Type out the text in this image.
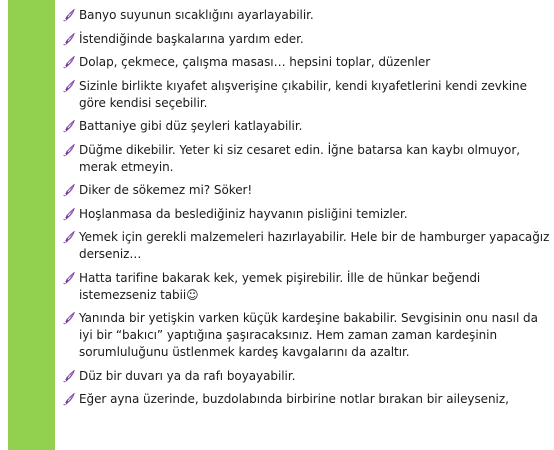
Banyo suyunun sıcaklığını ayarlayabilir.
İstendiğinde başkalarına yardım eder.
Dolap, çekmece, çalışma masası… hepsini toplar, düzenler
Sizinle birlikte kıyafet alışverişine çıkabilir, kendi kıyafetlerini kendi zevkine göre kendisi seçebilir.
Battaniye gibi düz şeyleri katlayabilir.
Düğme dikebilir. Yeter ki siz cesaret edin. İğne batarsa kan kaybı olmuyor, merak etmeyin.
Diker de sökemez mi? Söker!
Hoşlanmasa da beslediğiniz hayvanın pisliğini temizler.
Yemek için gerekli malzemeleri hazırlayabilir. Hele bir de hamburger yapacağız derseniz…
Hatta tarifine bakarak kek, yemek pişirebilir. İlle de hünkar beğendi istemezseniz tabii☺
Yanında bir yetişkin varken küçük kardeşine bakabilir. Sevgisinin onu nasıl da iyi bir “bakıcı” yaptığına şaşıracaksınız. Hem zaman zaman kardeşinin sorumluluğunu üstlenmek kardeş kavgalarını da azaltır.
Düz bir duvarı ya da rafı boyayabilir.
Eğer ayna üzerinde, buzdolabında birbirine notlar bırakan bir aileyseniz,
